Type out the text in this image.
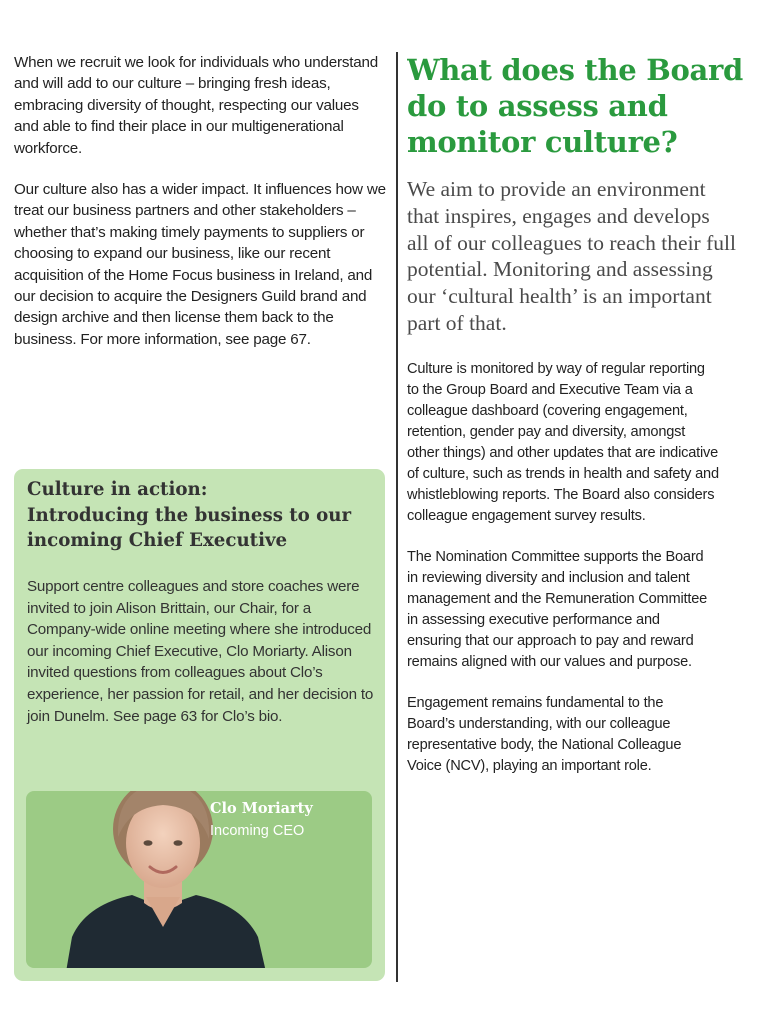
When we recruit we look for individuals who understand and will add to our culture – bringing fresh ideas, embracing diversity of thought, respecting our values and able to find their place in our multigenerational workforce.

Our culture also has a wider impact. It influences how we treat our business partners and other stakeholders – whether that’s making timely payments to suppliers or choosing to expand our business, like our recent acquisition of the Home Focus business in Ireland, and our decision to acquire the Designers Guild brand and design archive and then license them back to the business. For more information, see page 67.

Culture in action:
Introducing the business to our
incoming Chief Executive

Support centre colleagues and store coaches were invited to join Alison Brittain, our Chair, for a Company-wide online meeting where she introduced our incoming Chief Executive, Clo Moriarty. Alison invited questions from colleagues about Clo’s experience, her passion for retail, and her decision to join Dunelm. See page 63 for Clo’s bio.

Clo Moriarty
Incoming CEO
What does the Board
do to assess and
monitor culture?

We aim to provide an environment
that inspires, engages and develops
all of our colleagues to reach their full
potential. Monitoring and assessing
our ‘cultural health’ is an important
part of that.

Culture is monitored by way of regular reporting
to the Group Board and Executive Team via a
colleague dashboard (covering engagement,
retention, gender pay and diversity, amongst
other things) and other updates that are indicative
of culture, such as trends in health and safety and
whistleblowing reports. The Board also considers
colleague engagement survey results.

The Nomination Committee supports the Board
in reviewing diversity and inclusion and talent
management and the Remuneration Committee
in assessing executive performance and
ensuring that our approach to pay and reward
remains aligned with our values and purpose.

Engagement remains fundamental to the
Board’s understanding, with our colleague
representative body, the National Colleague
Voice (NCV), playing an important role.
